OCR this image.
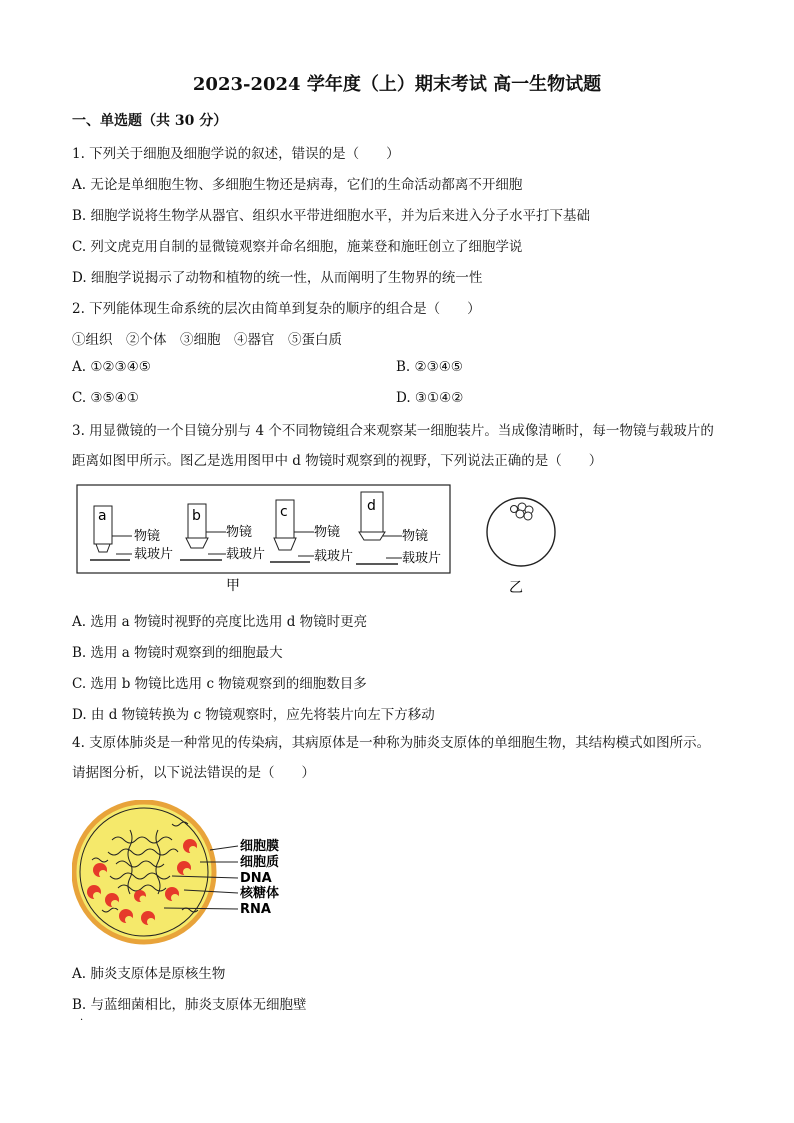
2023-2024 学年度（上）期末考试 高一生物试题
一、单选题（共 30 分）
1. 下列关于细胞及细胞学说的叙述，错误的是（　　）
A. 无论是单细胞生物、多细胞生物还是病毒，它们的生命活动都离不开细胞
B. 细胞学说将生物学从器官、组织水平带进细胞水平，并为后来进入分子水平打下基础
C. 列文虎克用自制的显微镜观察并命名细胞，施莱登和施旺创立了细胞学说
D. 细胞学说揭示了动物和植物的统一性，从而阐明了生物界的统一性
2. 下列能体现生命系统的层次由简单到复杂的顺序的组合是（　　）
①组织　②个体　③细胞　④器官　⑤蛋白质
A. ①②③④⑤	B. ②③④⑤
C. ③⑤④①	D. ③①④②
3. 用显微镜的一个目镜分别与 4 个不同物镜组合来观察某一细胞装片。当成像清晰时，每一物镜与载玻片的距离如图甲所示。图乙是选用图甲中 d 物镜时观察到的视野，下列说法正确的是（　　）
a
物镜
载玻片
b
物镜
载玻片
c
物镜
载玻片
d
物镜
载玻片
甲	乙
A. 选用 a 物镜时视野的亮度比选用 d 物镜时更亮
B. 选用 a 物镜时观察到的细胞最大
C. 选用 b 物镜比选用 c 物镜观察到的细胞数目多
D. 由 d 物镜转换为 c 物镜观察时，应先将装片向左下方移动
4. 支原体肺炎是一种常见的传染病，其病原体是一种称为肺炎支原体的单细胞生物，其结构模式如图所示。请据图分析，以下说法错误的是（　　）
细胞膜
细胞质
DNA
核糖体
RNA
A. 肺炎支原体是原核生物
B. 与蓝细菌相比，肺炎支原体无细胞壁
·
